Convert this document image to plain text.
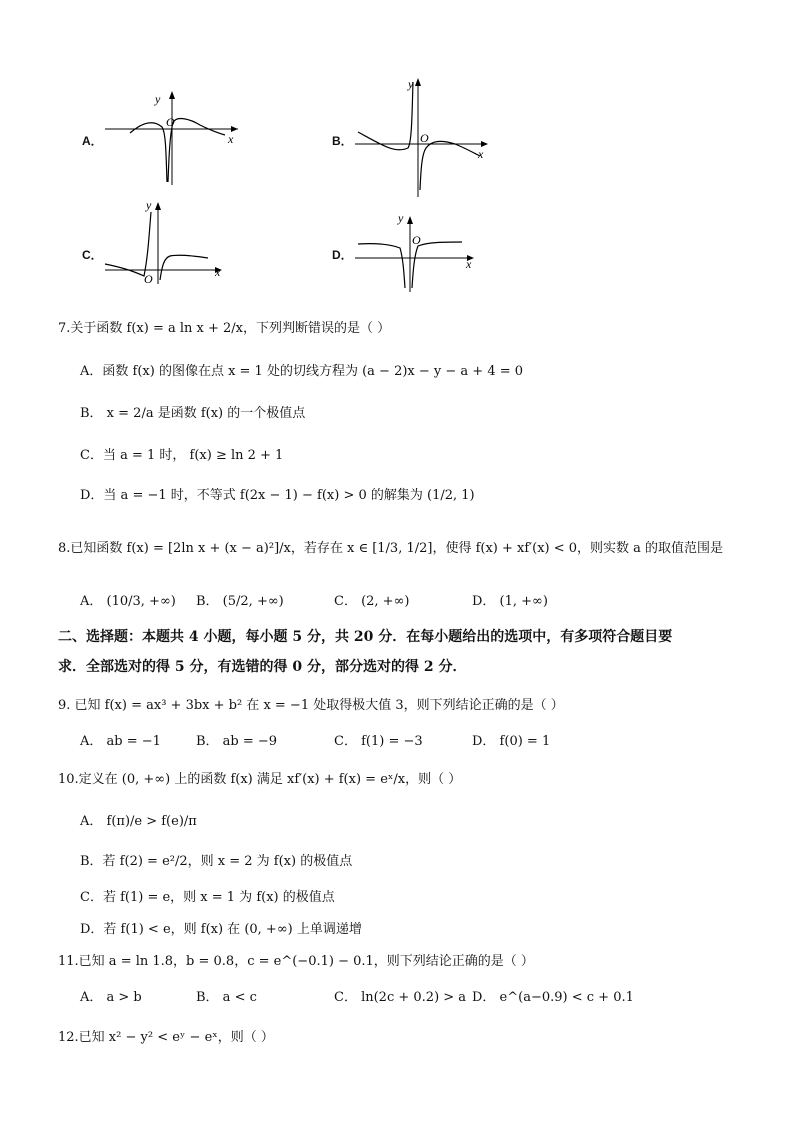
A．
y
O
x	B．
y
O
x
C．
y
O	x
D．
y
O
x
7.关于函数 f(x) = a ln x + 2/x，下列判断错误的是（ ）
A．函数 f(x) 的图像在点 x = 1 处的切线方程为 (a − 2)x − y − a + 4 = 0
B． x = 2/a 是函数 f(x) 的一个极值点
C．当 a = 1 时， f(x) ≥ ln 2 + 1
D．当 a = −1 时，不等式 f(2x − 1) − f(x) > 0 的解集为 (1/2, 1)
8.已知函数 f(x) = [2ln x + (x − a)²]/x，若存在 x ∈ [1/3, 1/2]，使得 f(x) + xf′(x) < 0，则实数 a 的取值范围是
A． (10/3, +∞) B． (5/2, +∞)	C． (2, +∞)	D． (1, +∞)
二、选择题：本题共 4 小题，每小题 5 分，共 20 分．在每小题给出的选项中，有多项符合题目要
求．全部选对的得 5 分，有选错的得 0 分，部分选对的得 2 分．
9. 已知 f(x) = ax³ + 3bx + b² 在 x = −1 处取得极大值 3，则下列结论正确的是（ ）
A． ab = −1	B． ab = −9	C． f(1) = −3	D． f(0) = 1
10.定义在 (0, +∞) 上的函数 f(x) 满足 xf′(x) + f(x) = eˣ/x，则（ ）
A． f(π)/e > f(e)/π
B．若 f(2) = e²/2，则 x = 2 为 f(x) 的极值点
C．若 f(1) = e，则 x = 1 为 f(x) 的极值点
D．若 f(1) < e，则 f(x) 在 (0, +∞) 上单调递增
11.已知 a = ln 1.8，b = 0.8，c = e^(−0.1) − 0.1，则下列结论正确的是（ ）
A． a > b	B． a < c	C． ln(2c + 0.2) > a D． e^(a−0.9) < c + 0.1
12.已知 x² − y² < eʸ − eˣ，则（ ）
